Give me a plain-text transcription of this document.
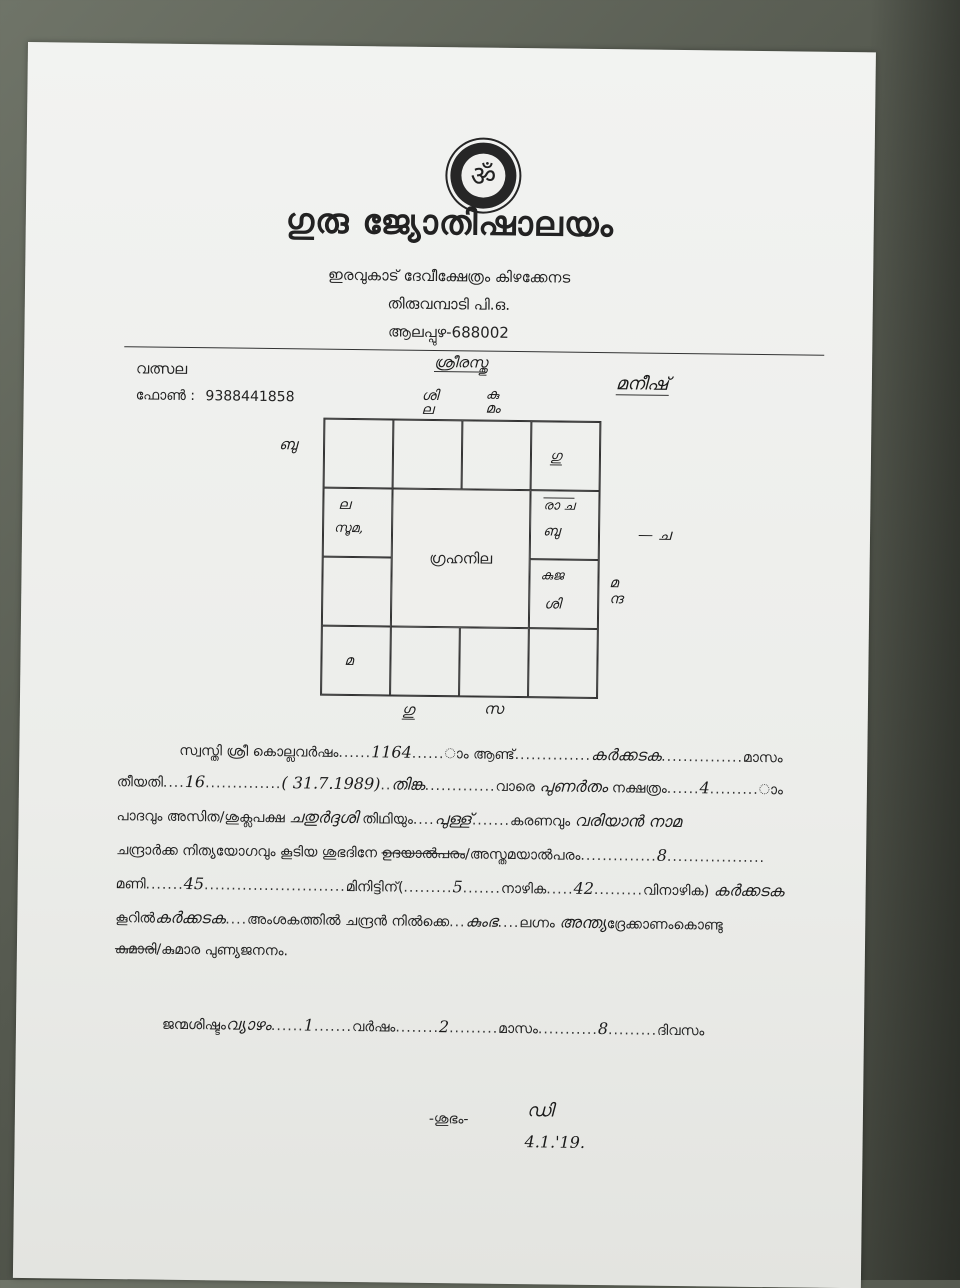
ॐ
ഗുരു ജ്യോതിഷാലയം
ഇരവുകാട് ദേവീക്ഷേത്രം കിഴക്കേനട
തിരുവമ്പാടി പി.ഒ.
ആലപ്പുഴ-688002
വത്സല
ഫോൺ : 9388441858
മനീഷ്
ശ്രീരസ്തു
ശി
ല
കു
മം
ബു
— ച
മ
ന്ദ
ഗു	സ
ഗു
ല
സൂമ,
രാ ച
ബു
കുജ
ശി
മ
ഗ്രഹനില
സ്വസ്തി ശ്രീ കൊല്ലവർഷം......1164......ാം ആണ്ട്..............കർക്കടക...............മാസം
തീയതി....16..............( 31.7.1989)..തിങ്ക.............വാരെ പുണർതം നക്ഷത്രം......4.........ാം
പാദവും അസിത/ശുക്ലപക്ഷ ചതുർദ്ദശി തിഥിയും....പുള്ള്.......കരണവും വരിയാൻ നാമ
ചന്ദ്രാർക്ക നിത്യയോഗവും കൂടിയ ശുഭദിനേ ഉദയാൽപരം/അസ്തമയാൽപരം..............8..................
മണി.......45..........................മിനിട്ടിന്(.........5.......നാഴിക.....42.........വിനാഴിക) കർക്കടക
കൂറിൽകർക്കടക....അംശകത്തിൽ ചന്ദ്രൻ നിൽക്കെ...കുംഭ....ലഗ്നം അന്ത്യദ്രേക്കാണംകൊണ്ടു
കുമാരി/കുമാര പുണ്യജനനം.
ജന്മശിഷ്ടംവ്യാഴം......1.......വർഷം........2.........മാസം...........8.........ദിവസം
-ശുഭം-	ഡി
4.1.'19.
